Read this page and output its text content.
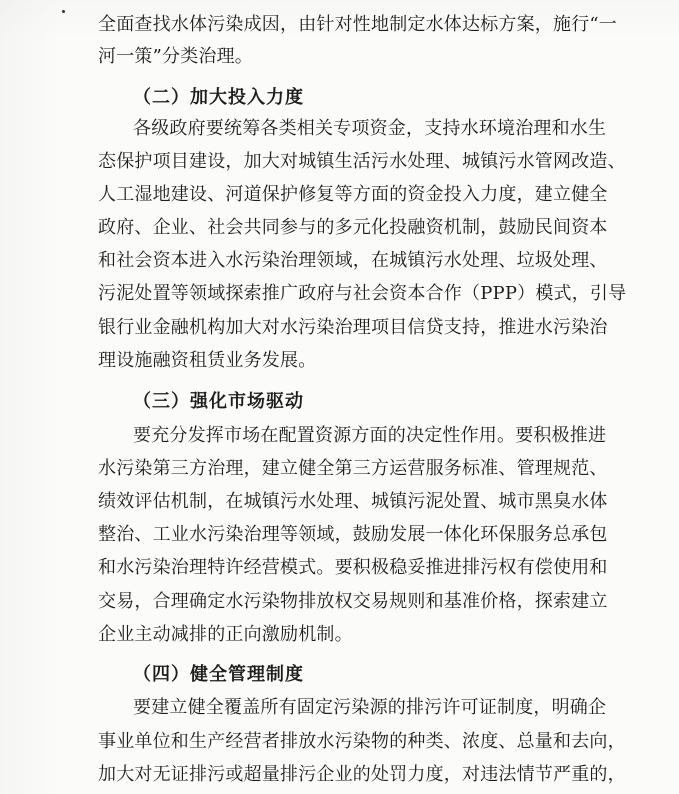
全面查找水体污染成因，由针对性地制定水体达标方案，施行“一
河一策”分类治理。
（二）加大投入力度
各级政府要统筹各类相关专项资金，支持水环境治理和水生
态保护项目建设，加大对城镇生活污水处理、城镇污水管网改造、
人工湿地建设、河道保护修复等方面的资金投入力度，建立健全
政府、企业、社会共同参与的多元化投融资机制，鼓励民间资本
和社会资本进入水污染治理领域，在城镇污水处理、垃圾处理、
污泥处置等领域探索推广政府与社会资本合作（PPP）模式，引导
银行业金融机构加大对水污染治理项目信贷支持，推进水污染治
理设施融资租赁业务发展。
（三）强化市场驱动
要充分发挥市场在配置资源方面的决定性作用。要积极推进
水污染第三方治理，建立健全第三方运营服务标准、管理规范、
绩效评估机制，在城镇污水处理、城镇污泥处置、城市黑臭水体
整治、工业水污染治理等领域，鼓励发展一体化环保服务总承包
和水污染治理特许经营模式。要积极稳妥推进排污权有偿使用和
交易，合理确定水污染物排放权交易规则和基准价格，探索建立
企业主动减排的正向激励机制。
（四）健全管理制度
要建立健全覆盖所有固定污染源的排污许可证制度，明确企
事业单位和生产经营者排放水污染物的种类、浓度、总量和去向，
加大对无证排污或超量排污企业的处罚力度，对违法情节严重的，
